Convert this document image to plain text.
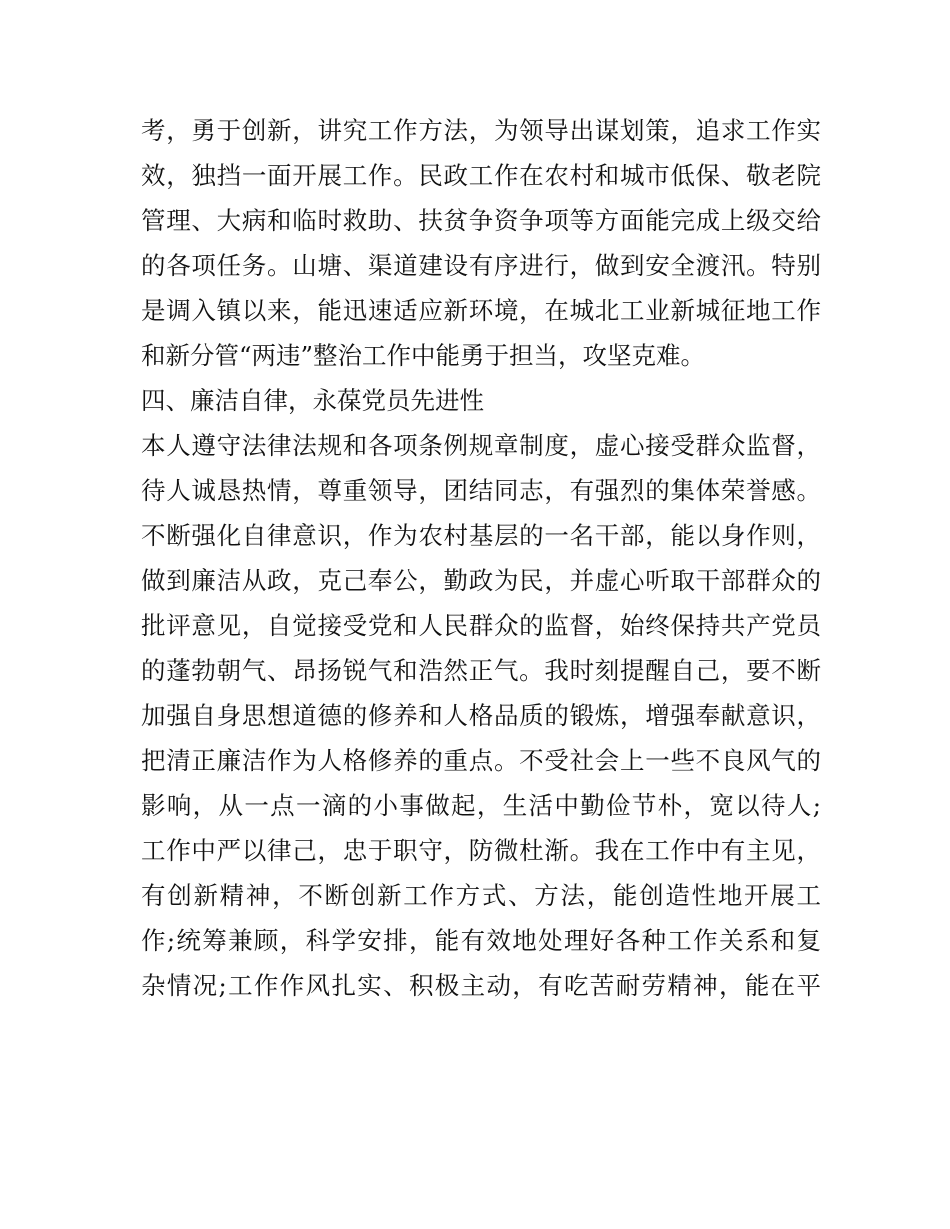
考，勇于创新，讲究工作方法，为领导出谋划策，追求工作实
效，独挡一面开展工作。民政工作在农村和城市低保、敬老院
管理、大病和临时救助、扶贫争资争项等方面能完成上级交给
的各项任务。山塘、渠道建设有序进行，做到安全渡汛。特别
是调入镇以来，能迅速适应新环境，在城北工业新城征地工作
和新分管“两违”整治工作中能勇于担当，攻坚克难。
四、廉洁自律，永葆党员先进性
本人遵守法律法规和各项条例规章制度，虚心接受群众监督，
待人诚恳热情，尊重领导，团结同志，有强烈的集体荣誉感。
不断强化自律意识，作为农村基层的一名干部，能以身作则，
做到廉洁从政，克己奉公，勤政为民，并虚心听取干部群众的
批评意见，自觉接受党和人民群众的监督，始终保持共产党员
的蓬勃朝气、昂扬锐气和浩然正气。我时刻提醒自己，要不断
加强自身思想道德的修养和人格品质的锻炼，增强奉献意识，
把清正廉洁作为人格修养的重点。不受社会上一些不良风气的
影响，从一点一滴的小事做起，生活中勤俭节朴，宽以待人;
工作中严以律己，忠于职守，防微杜渐。我在工作中有主见，
有创新精神，不断创新工作方式、方法，能创造性地开展工
作;统筹兼顾，科学安排，能有效地处理好各种工作关系和复
杂情况;工作作风扎实、积极主动，有吃苦耐劳精神，能在平
